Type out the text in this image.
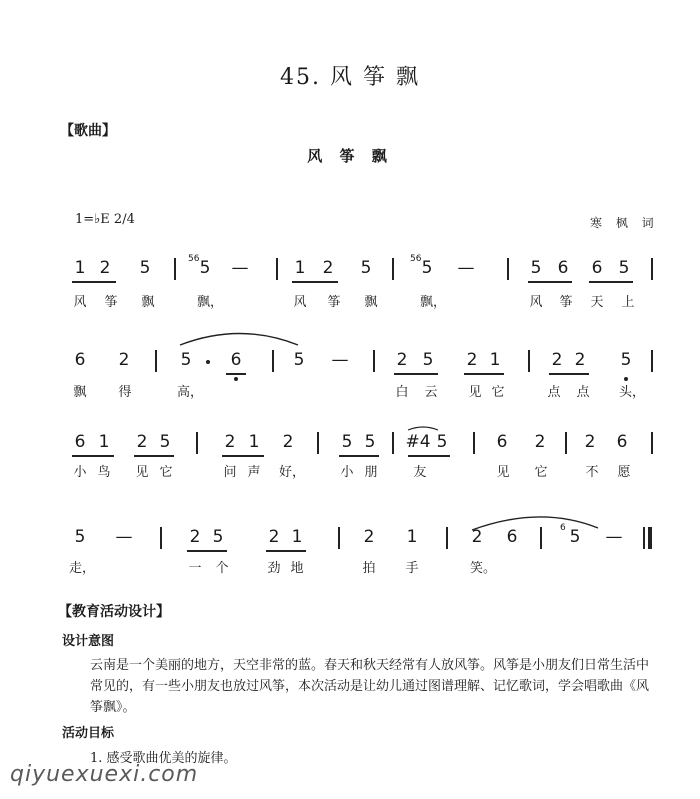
45. 风 筝 飘
【歌曲】
风 筝 飘
1=♭E 2/4	寒 枫 词
1 2 5	56 5 —	1 2 5	56 5 —	5 6 6 5
风 筝 飘	飘，	风 筝 飘	飘，	风 筝 天 上
6 2	5 6	5 —	2 5 2 1	2 2 5
飘 得	高，	白 云 见 它	点 点 头，
6 1 2 5	2 1 2	5 5 #4 5	6 2 2 6
小 鸟 见 它	问 声 好，	小 朋	友	见 它	不 愿
5 —	2 5	2 1	2 1	2 6	6 5 —
走，	一 个	劲 地	拍 手	笑。
【教育活动设计】
设计意图
云南是一个美丽的地方，天空非常的蓝。春天和秋天经常有人放风筝。风筝是小朋友们日常生活中常见的，有一些小朋友也放过风筝，本次活动是让幼儿通过图谱理解、记忆歌词，学会唱歌曲《风筝飘》。
活动目标
1. 感受歌曲优美的旋律。
qiyuexuexi.com
